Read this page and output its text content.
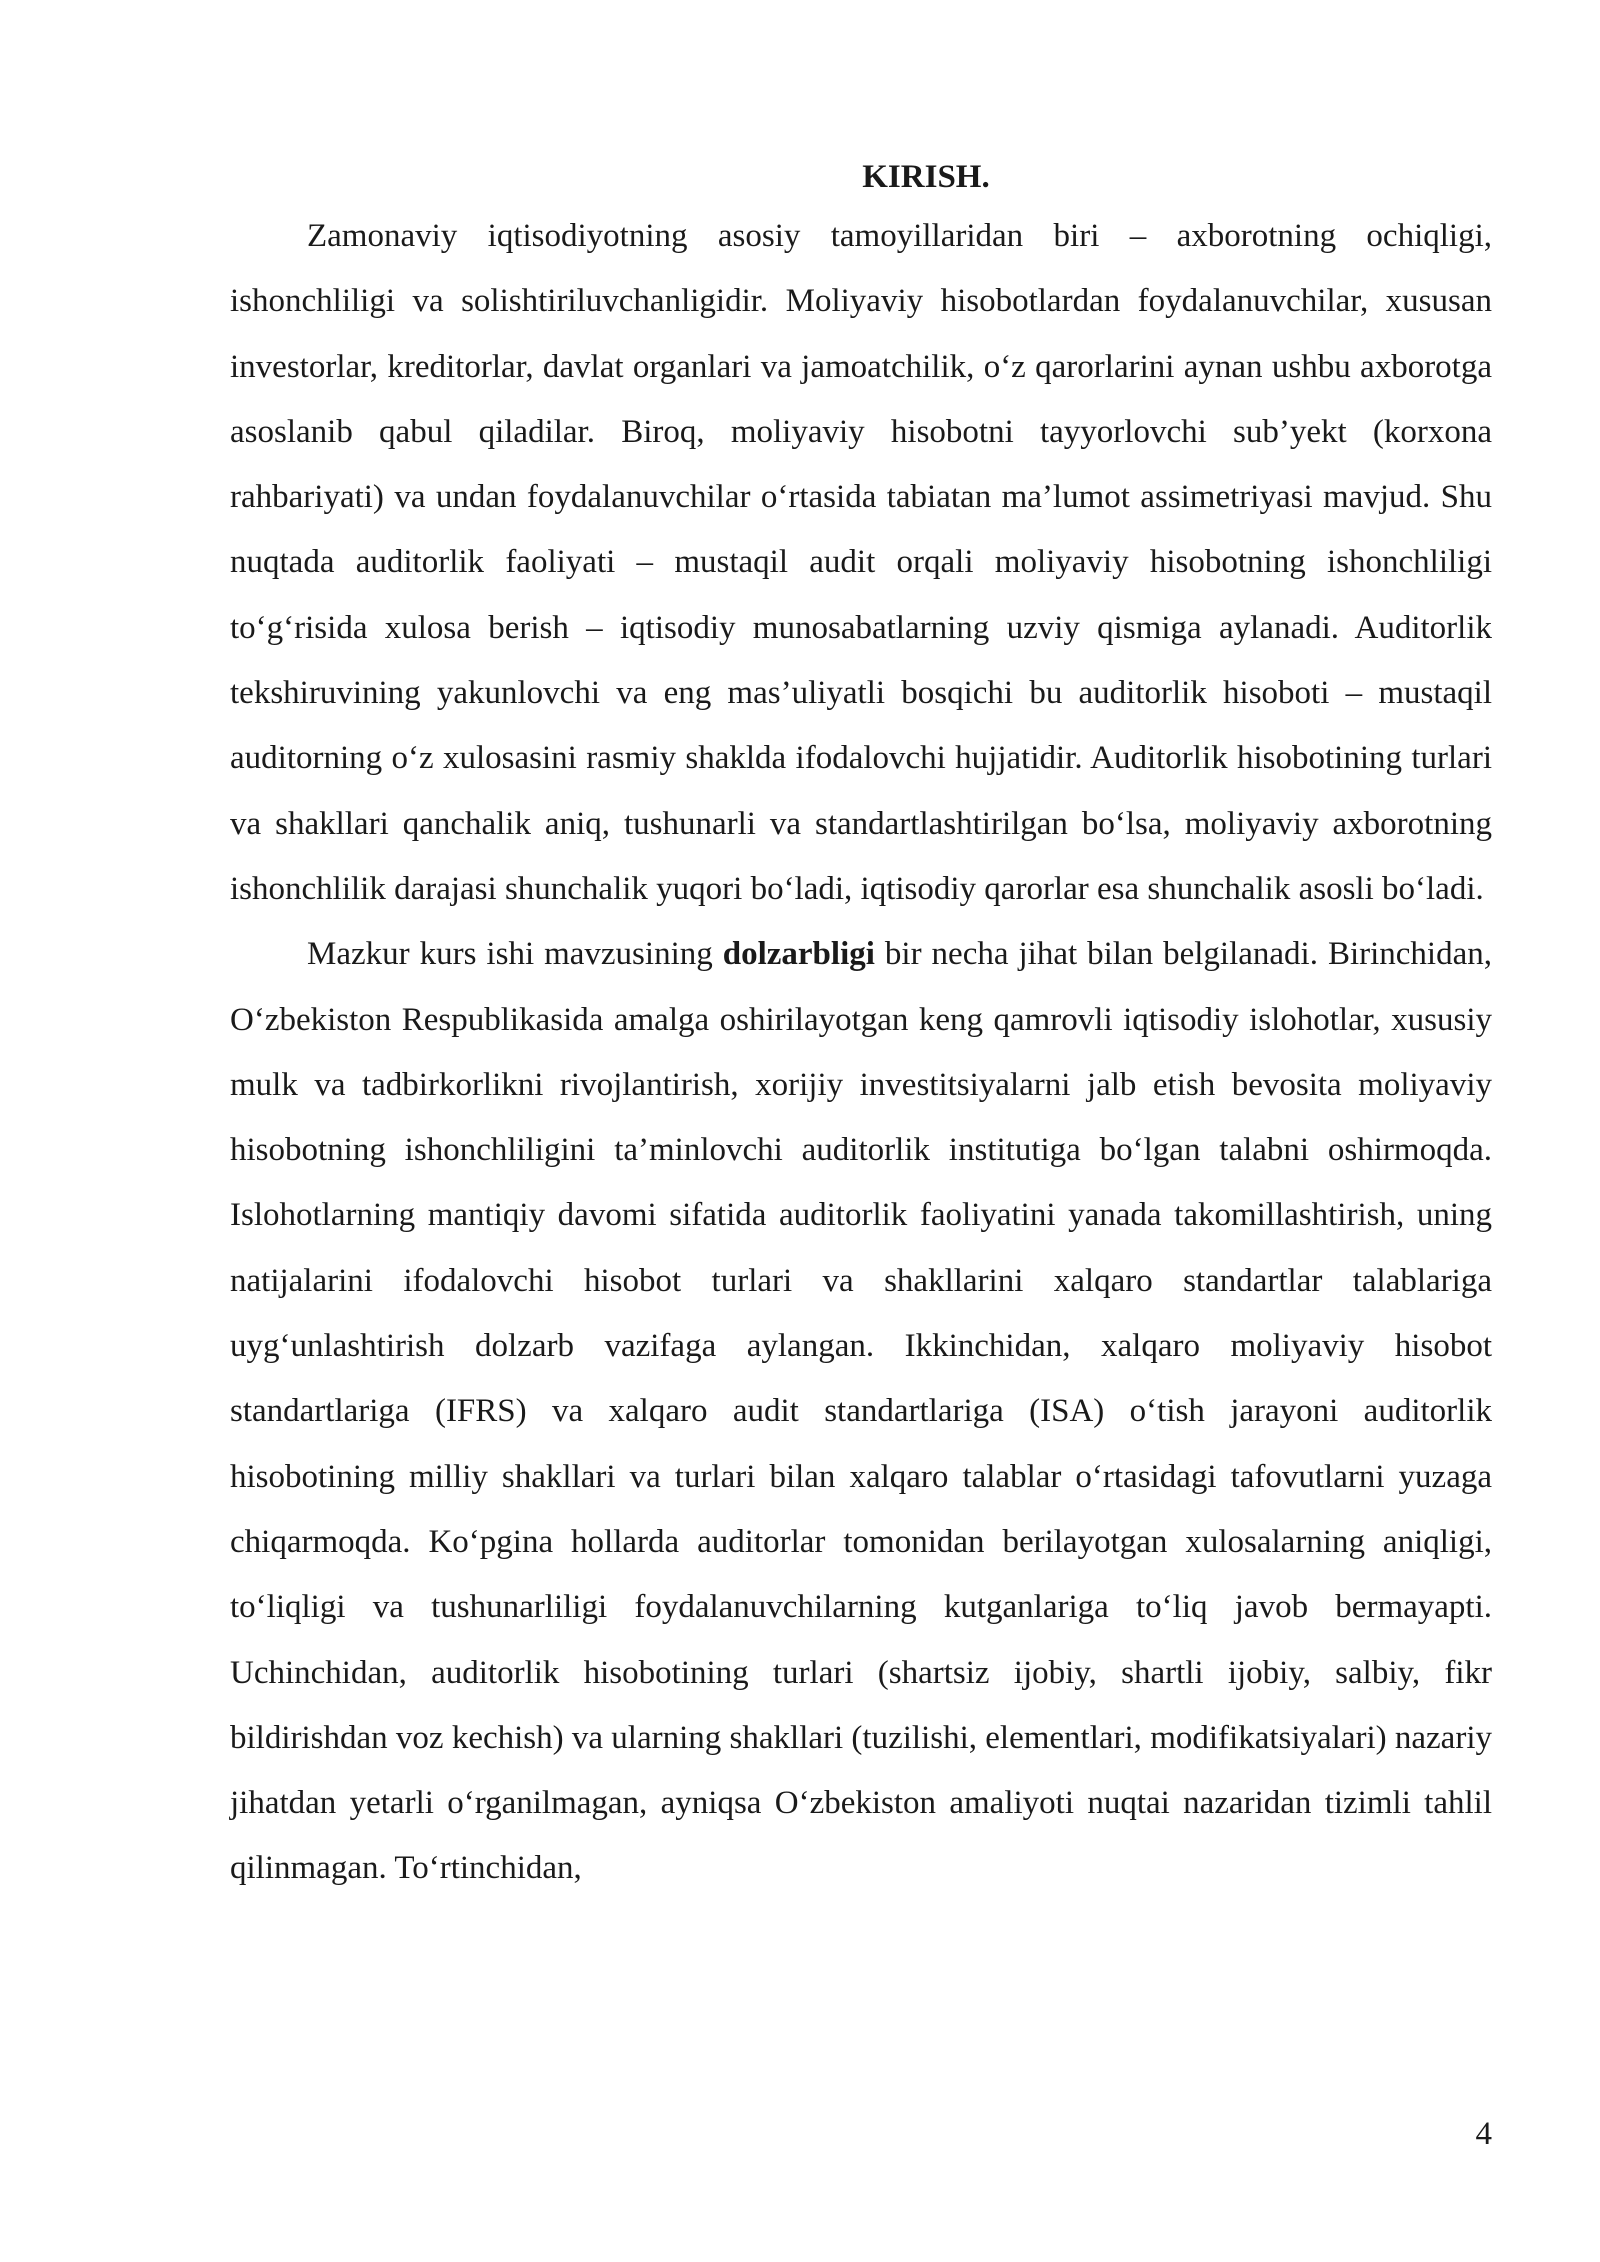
KIRISH.

Zamonaviy iqtisodiyotning asosiy tamoyillaridan biri – axborotning ochiqligi, ishonchliligi va solishtiriluvchanligidir. Moliyaviy hisobotlardan foydalanuvchilar, xususan investorlar, kreditorlar, davlat organlari va jamoatchilik, o‘z qarorlarini aynan ushbu axborotga asoslanib qabul qiladilar. Biroq, moliyaviy hisobotni tayyorlovchi sub’yekt (korxona rahbariyati) va undan foydalanuvchilar o‘rtasida tabiatan ma’lumot assimetriyasi mavjud. Shu nuqtada auditorlik faoliyati – mustaqil audit orqali moliyaviy hisobotning ishonchliligi to‘g‘risida xulosa berish – iqtisodiy munosabatlarning uzviy qismiga aylanadi. Auditorlik tekshiruvining yakunlovchi va eng mas’uliyatli bosqichi bu auditorlik hisoboti – mustaqil auditorning o‘z xulosasini rasmiy shaklda ifodalovchi hujjatidir. Auditorlik hisobotining turlari va shakllari qanchalik aniq, tushunarli va standartlashtirilgan bo‘lsa, moliyaviy axborotning ishonchlilik darajasi shunchalik yuqori bo‘ladi, iqtisodiy qarorlar esa shunchalik asosli bo‘ladi.

Mazkur kurs ishi mavzusining dolzarbligi bir necha jihat bilan belgilanadi. Birinchidan, O‘zbekiston Respublikasida amalga oshirilayotgan keng qamrovli iqtisodiy islohotlar, xususiy mulk va tadbirkorlikni rivojlantirish, xorijiy investitsiyalarni jalb etish bevosita moliyaviy hisobotning ishonchliligini ta’minlovchi auditorlik institutiga bo‘lgan talabni oshirmoqda. Islohotlarning mantiqiy davomi sifatida auditorlik faoliyatini yanada takomillashtirish, uning natijalarini ifodalovchi hisobot turlari va shakllarini xalqaro standartlar talablariga uyg‘unlashtirish dolzarb vazifaga aylangan. Ikkinchidan, xalqaro moliyaviy hisobot standartlariga (IFRS) va xalqaro audit standartlariga (ISA) o‘tish jarayoni auditorlik hisobotining milliy shakllari va turlari bilan xalqaro talablar o‘rtasidagi tafovutlarni yuzaga chiqarmoqda. Ko‘pgina hollarda auditorlar tomonidan berilayotgan xulosalarning aniqligi, to‘liqligi va tushunarliligi foydalanuvchilarning kutganlariga to‘liq javob bermayapti. Uchinchidan, auditorlik hisobotining turlari (shartsiz ijobiy, shartli ijobiy, salbiy, fikr bildirishdan voz kechish) va ularning shakllari (tuzilishi, elementlari, modifikatsiyalari) nazariy jihatdan yetarli o‘rganilmagan, ayniqsa O‘zbekiston amaliyoti nuqtai nazaridan tizimli tahlil qilinmagan. To‘rtinchidan,

4
